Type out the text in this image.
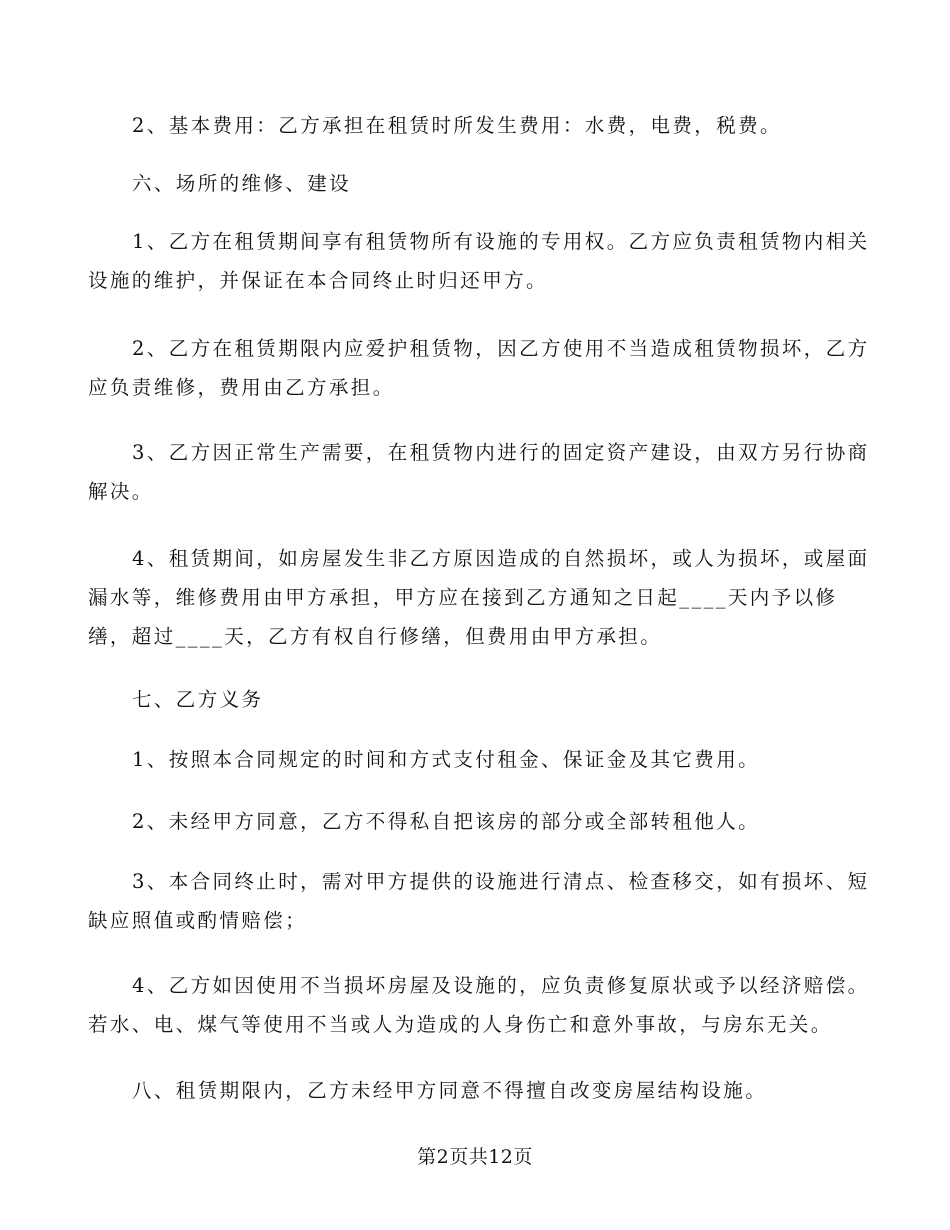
2、基本费用：乙方承担在租赁时所发生费用：水费，电费，税费。

六、场所的维修、建设

1、乙方在租赁期间享有租赁物所有设施的专用权。乙方应负责租赁物内相关
设施的维护，并保证在本合同终止时归还甲方。

2、乙方在租赁期限内应爱护租赁物，因乙方使用不当造成租赁物损坏，乙方
应负责维修，费用由乙方承担。

3、乙方因正常生产需要，在租赁物内进行的固定资产建设，由双方另行协商
解决。

4、租赁期间，如房屋发生非乙方原因造成的自然损坏，或人为损坏，或屋面
漏水等，维修费用由甲方承担，甲方应在接到乙方通知之日起____天内予以修
缮，超过____天，乙方有权自行修缮，但费用由甲方承担。

七、乙方义务

1、按照本合同规定的时间和方式支付租金、保证金及其它费用。

2、未经甲方同意，乙方不得私自把该房的部分或全部转租他人。

3、本合同终止时，需对甲方提供的设施进行清点、检查移交，如有损坏、短
缺应照值或酌情赔偿；

4、乙方如因使用不当损坏房屋及设施的，应负责修复原状或予以经济赔偿。
若水、电、煤气等使用不当或人为造成的人身伤亡和意外事故，与房东无关。

八、租赁期限内，乙方未经甲方同意不得擅自改变房屋结构设施。

第2页共12页
